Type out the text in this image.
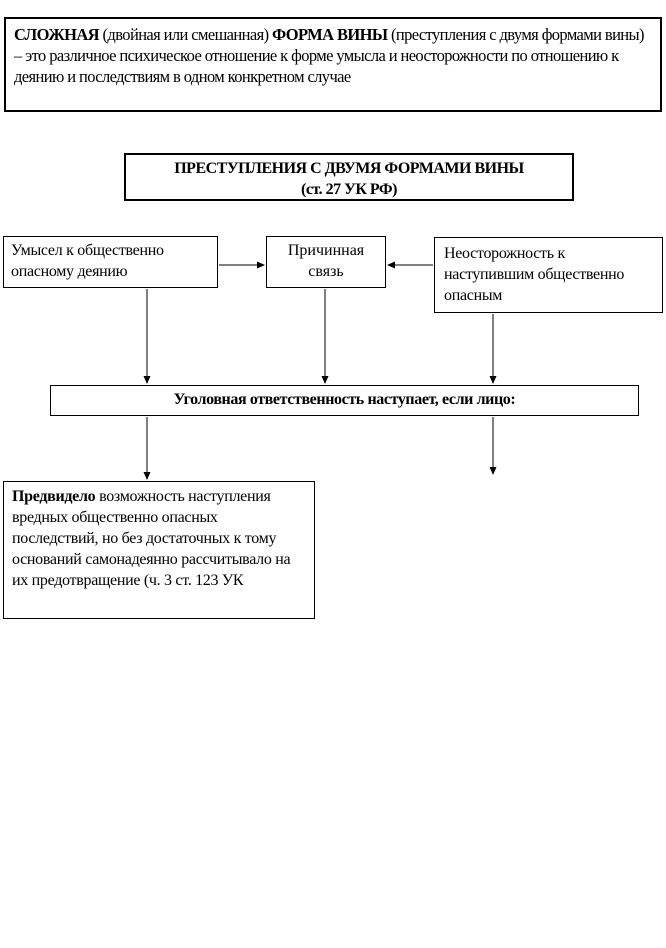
СЛОЖНАЯ (двойная или смешанная) ФОРМА ВИНЫ (преступления с двумя формами вины) – это различное психическое отношение к форме умысла и неосторожности по отношению к деянию и последствиям в одном конкретном случае
ПРЕСТУПЛЕНИЯ С ДВУМЯ ФОРМАМИ ВИНЫ
(ст. 27 УК РФ)
Умысел к общественно опасному деянию
Причинная связь
Неосторожность к наступившим общественно опасным
Уголовная ответственность наступает, если лицо:
Предвидело возможность наступления вредных общественно опасных последствий, но без достаточных к тому оснований самонадеянно рассчитывало на их предотвращение (ч. 3 ст. 123 УК
